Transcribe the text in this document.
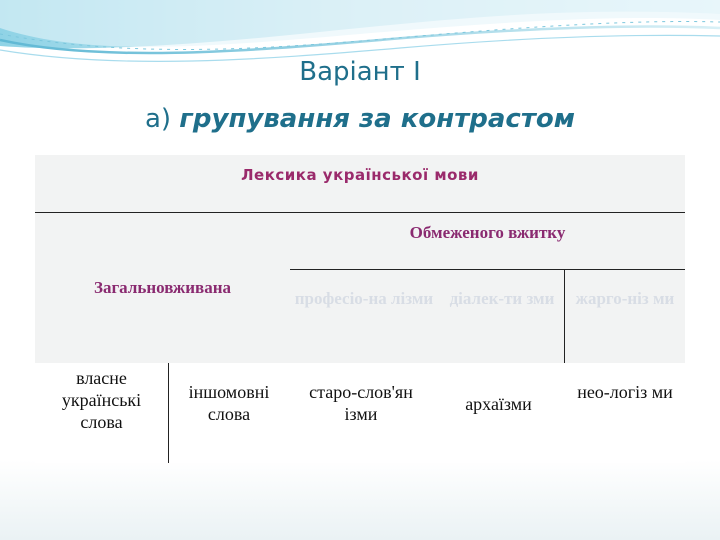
Варіант І
а) групування за контрастом
Лексика української мови
Загальновживана
Обмеженого вжитку
професіо-на лізми діалек-ти зми	жарго-ніз ми
власне українські слова
іншомовні слова
старо-слов'ян ізми	архаїзми
нео-логіз ми
